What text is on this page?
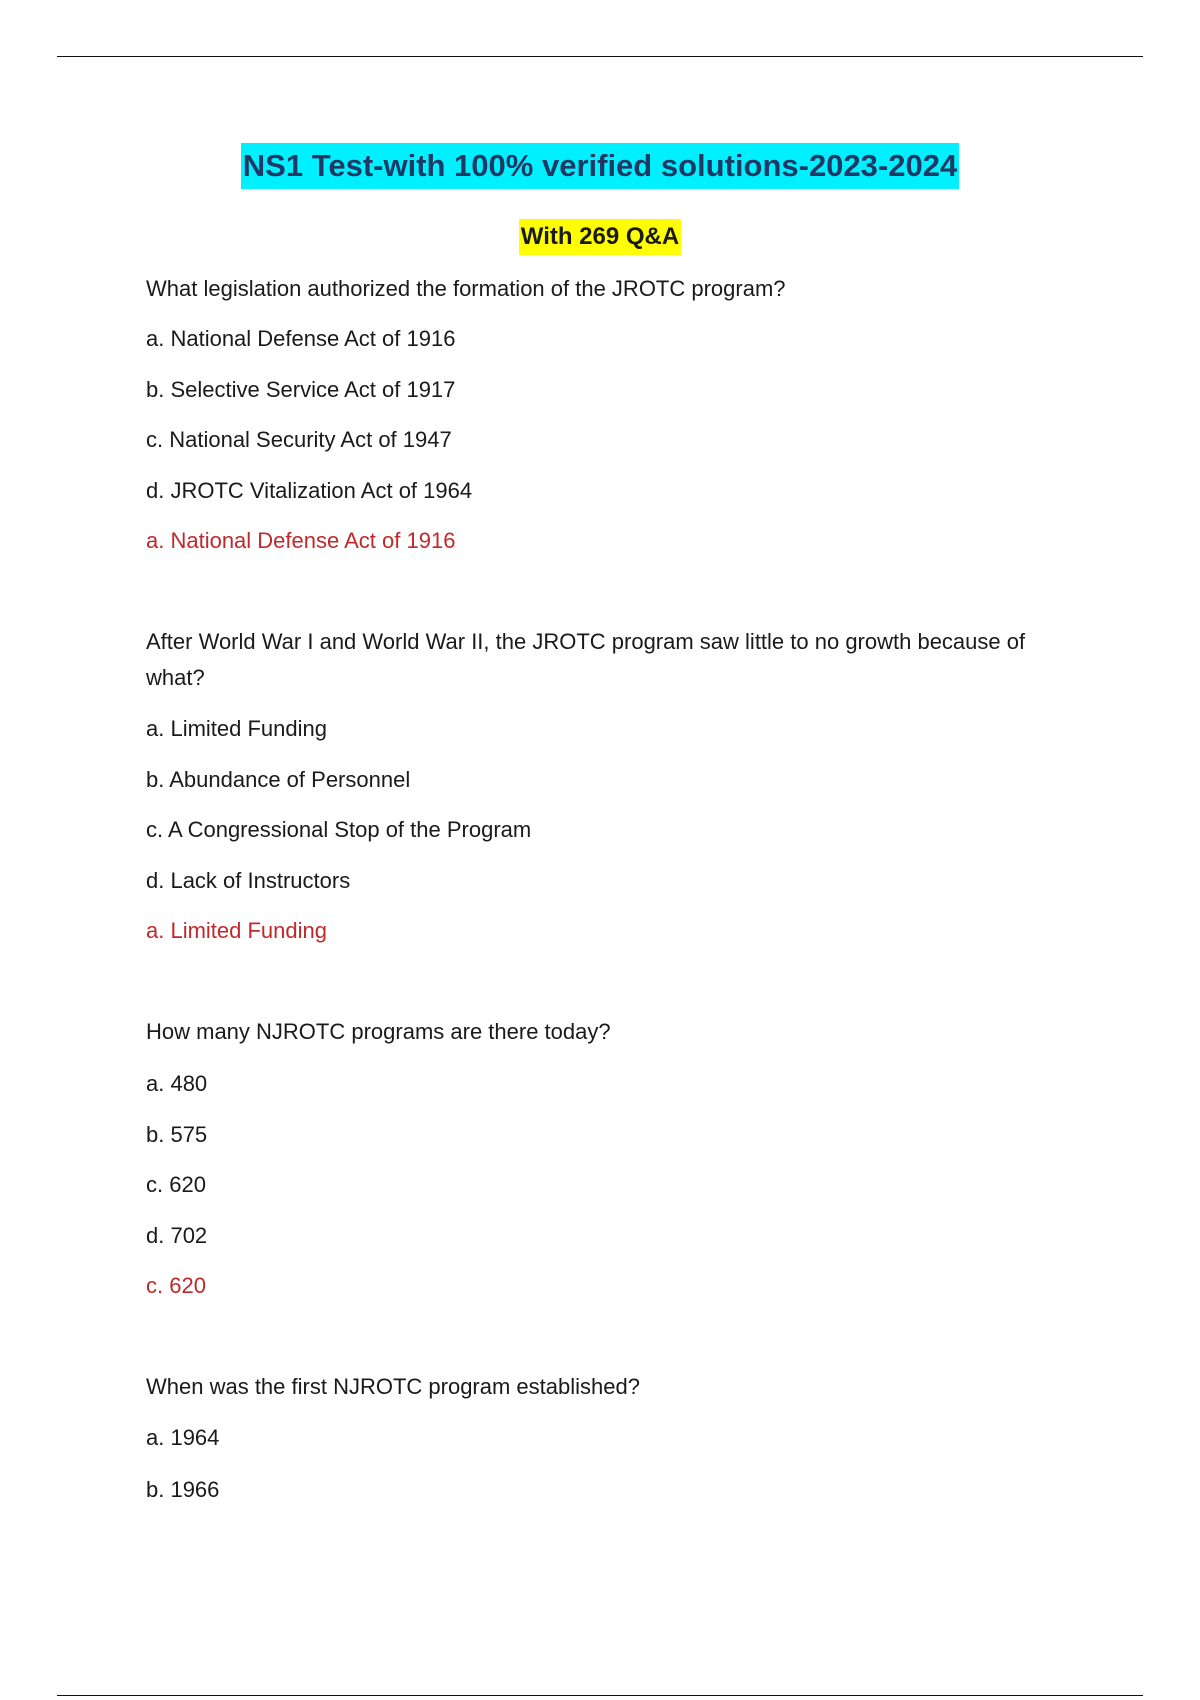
NS1 Test-with 100% verified solutions-2023-2024
With 269 Q&A
What legislation authorized the formation of the JROTC program?
a. National Defense Act of 1916
b. Selective Service Act of 1917
c. National Security Act of 1947
d. JROTC Vitalization Act of 1964
a. National Defense Act of 1916
After World War I and World War II, the JROTC program saw little to no growth because of what?
a. Limited Funding
b. Abundance of Personnel
c. A Congressional Stop of the Program
d. Lack of Instructors
a. Limited Funding
How many NJROTC programs are there today?
a. 480
b. 575
c. 620
d. 702
c. 620
When was the first NJROTC program established?
a. 1964
b. 1966
